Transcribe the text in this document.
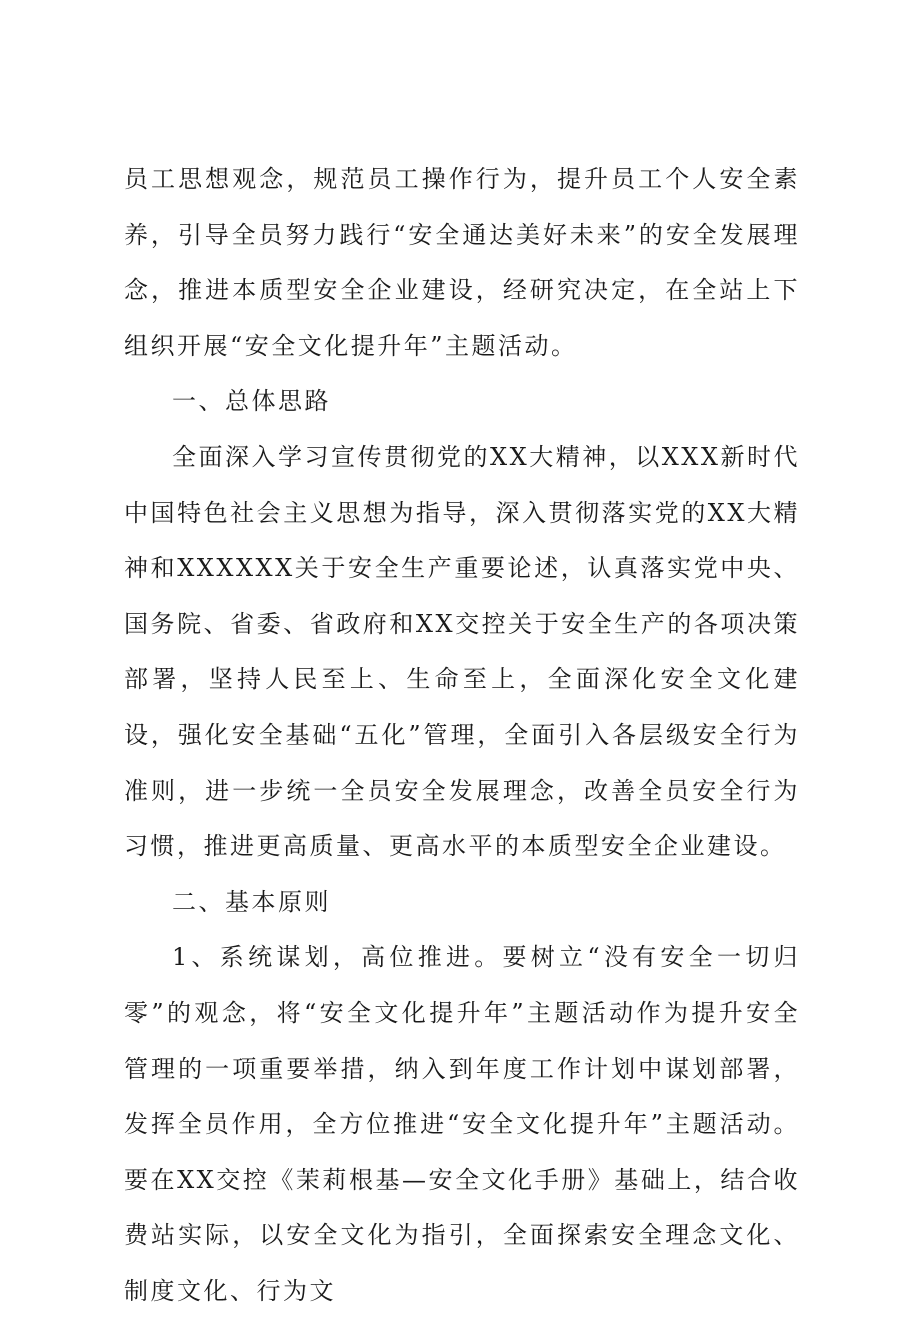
员工思想观念，规范员工操作行为，提升员工个人安全素养，引导全员努力践行“安全通达美好未来”的安全发展理念，推进本质型安全企业建设，经研究决定，在全站上下组织开展“安全文化提升年”主题活动。

一、总体思路

全面深入学习宣传贯彻党的XX大精神，以XXX新时代中国特色社会主义思想为指导，深入贯彻落实党的XX大精神和XXXXXX关于安全生产重要论述，认真落实党中央、国务院、省委、省政府和XX交控关于安全生产的各项决策部署，坚持人民至上、生命至上，全面深化安全文化建设，强化安全基础“五化”管理，全面引入各层级安全行为准则，进一步统一全员安全发展理念，改善全员安全行为习惯，推进更高质量、更高水平的本质型安全企业建设。

二、基本原则

1、系统谋划，高位推进。要树立“没有安全一切归零”的观念，将“安全文化提升年”主题活动作为提升安全管理的一项重要举措，纳入到年度工作计划中谋划部署，发挥全员作用，全方位推进“安全文化提升年”主题活动。要在XX交控《茉莉根基—安全文化手册》基础上，结合收费站实际，以安全文化为指引，全面探索安全理念文化、制度文化、行为文
